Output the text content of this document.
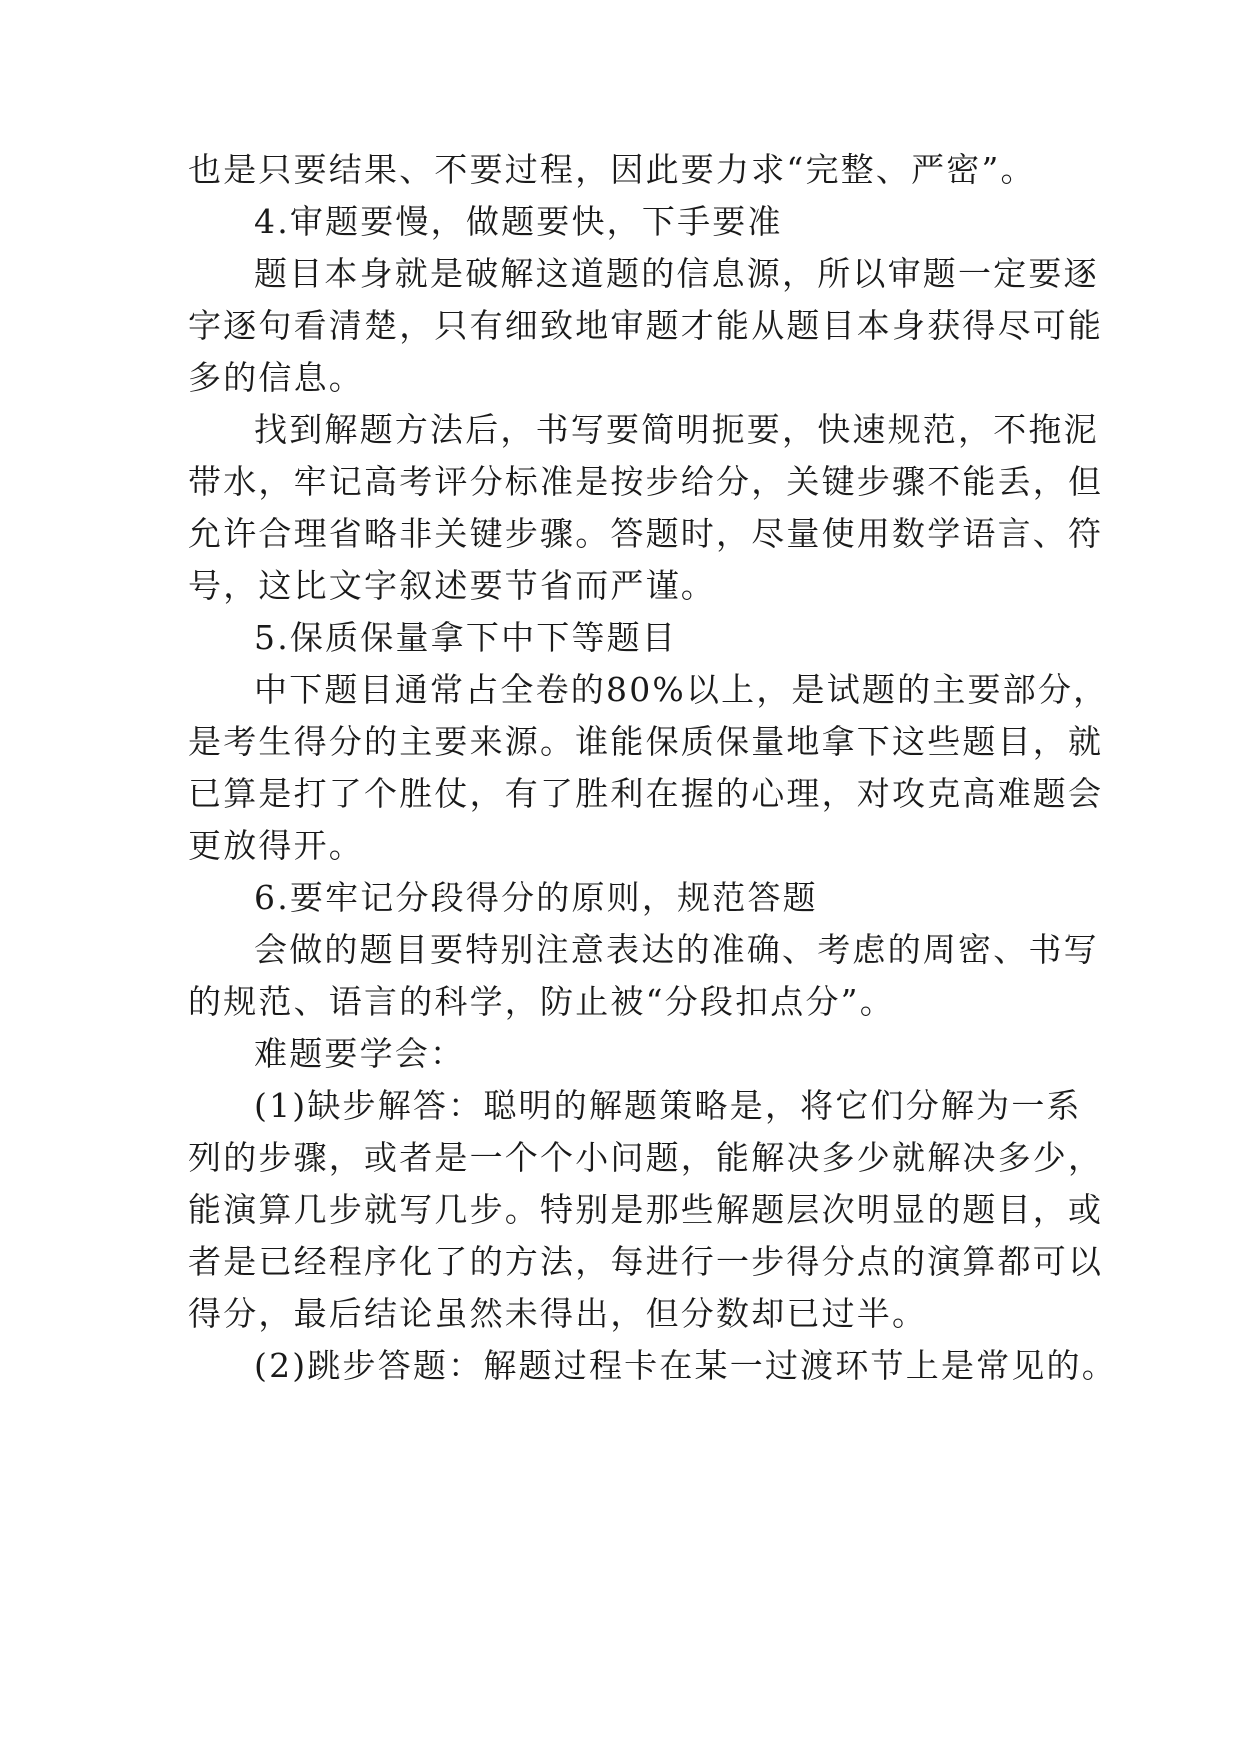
也是只要结果、不要过程，因此要力求“完整、严密”。
4.审题要慢，做题要快，下手要准
题目本身就是破解这道题的信息源，所以审题一定要逐
字逐句看清楚，只有细致地审题才能从题目本身获得尽可能
多的信息。
找到解题方法后，书写要简明扼要，快速规范，不拖泥
带水，牢记高考评分标准是按步给分，关键步骤不能丢，但
允许合理省略非关键步骤。答题时，尽量使用数学语言、符
号，这比文字叙述要节省而严谨。
5.保质保量拿下中下等题目
中下题目通常占全卷的80%以上，是试题的主要部分，
是考生得分的主要来源。谁能保质保量地拿下这些题目，就
已算是打了个胜仗，有了胜利在握的心理，对攻克高难题会
更放得开。
6.要牢记分段得分的原则，规范答题
会做的题目要特别注意表达的准确、考虑的周密、书写
的规范、语言的科学，防止被“分段扣点分”。
难题要学会：
(1)缺步解答：聪明的解题策略是，将它们分解为一系
列的步骤，或者是一个个小问题，能解决多少就解决多少，
能演算几步就写几步。特别是那些解题层次明显的题目，或
者是已经程序化了的方法，每进行一步得分点的演算都可以
得分，最后结论虽然未得出，但分数却已过半。
(2)跳步答题：解题过程卡在某一过渡环节上是常见的。
